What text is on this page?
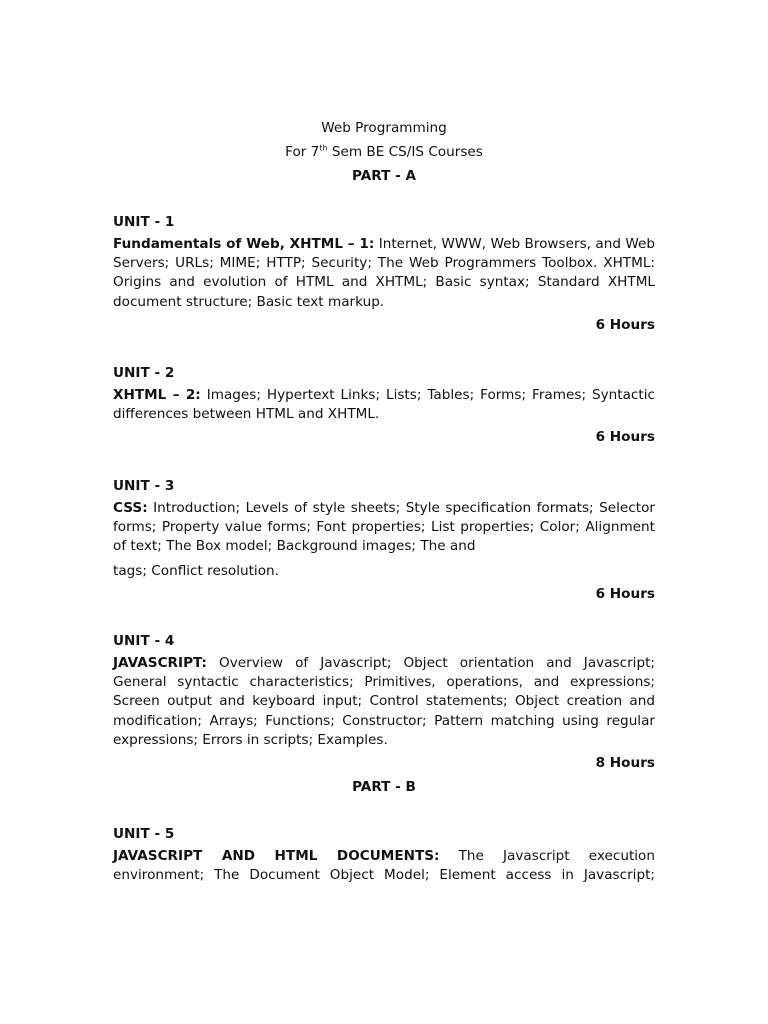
Web Programming
For 7th Sem BE CS/IS Courses
PART - A
UNIT - 1
Fundamentals of Web, XHTML – 1: Internet, WWW, Web Browsers, and Web Servers; URLs; MIME; HTTP; Security; The Web Programmers Toolbox. XHTML: Origins and evolution of HTML and XHTML; Basic syntax; Standard XHTML document structure; Basic text markup.
6 Hours
UNIT - 2
XHTML – 2: Images; Hypertext Links; Lists; Tables; Forms; Frames; Syntactic differences between HTML and XHTML.
6 Hours
UNIT - 3
CSS: Introduction; Levels of style sheets; Style specification formats; Selector forms; Property value forms; Font properties; List properties; Color; Alignment of text; The Box model; Background images; The and
tags; Conflict resolution.
6 Hours
UNIT - 4
JAVASCRIPT: Overview of Javascript; Object orientation and Javascript; General syntactic characteristics; Primitives, operations, and expressions; Screen output and keyboard input; Control statements; Object creation and modification; Arrays; Functions; Constructor; Pattern matching using regular expressions; Errors in scripts; Examples.
8 Hours
PART - B
UNIT - 5
JAVASCRIPT AND HTML DOCUMENTS: The Javascript execution environment; The Document Object Model; Element access in Javascript;
